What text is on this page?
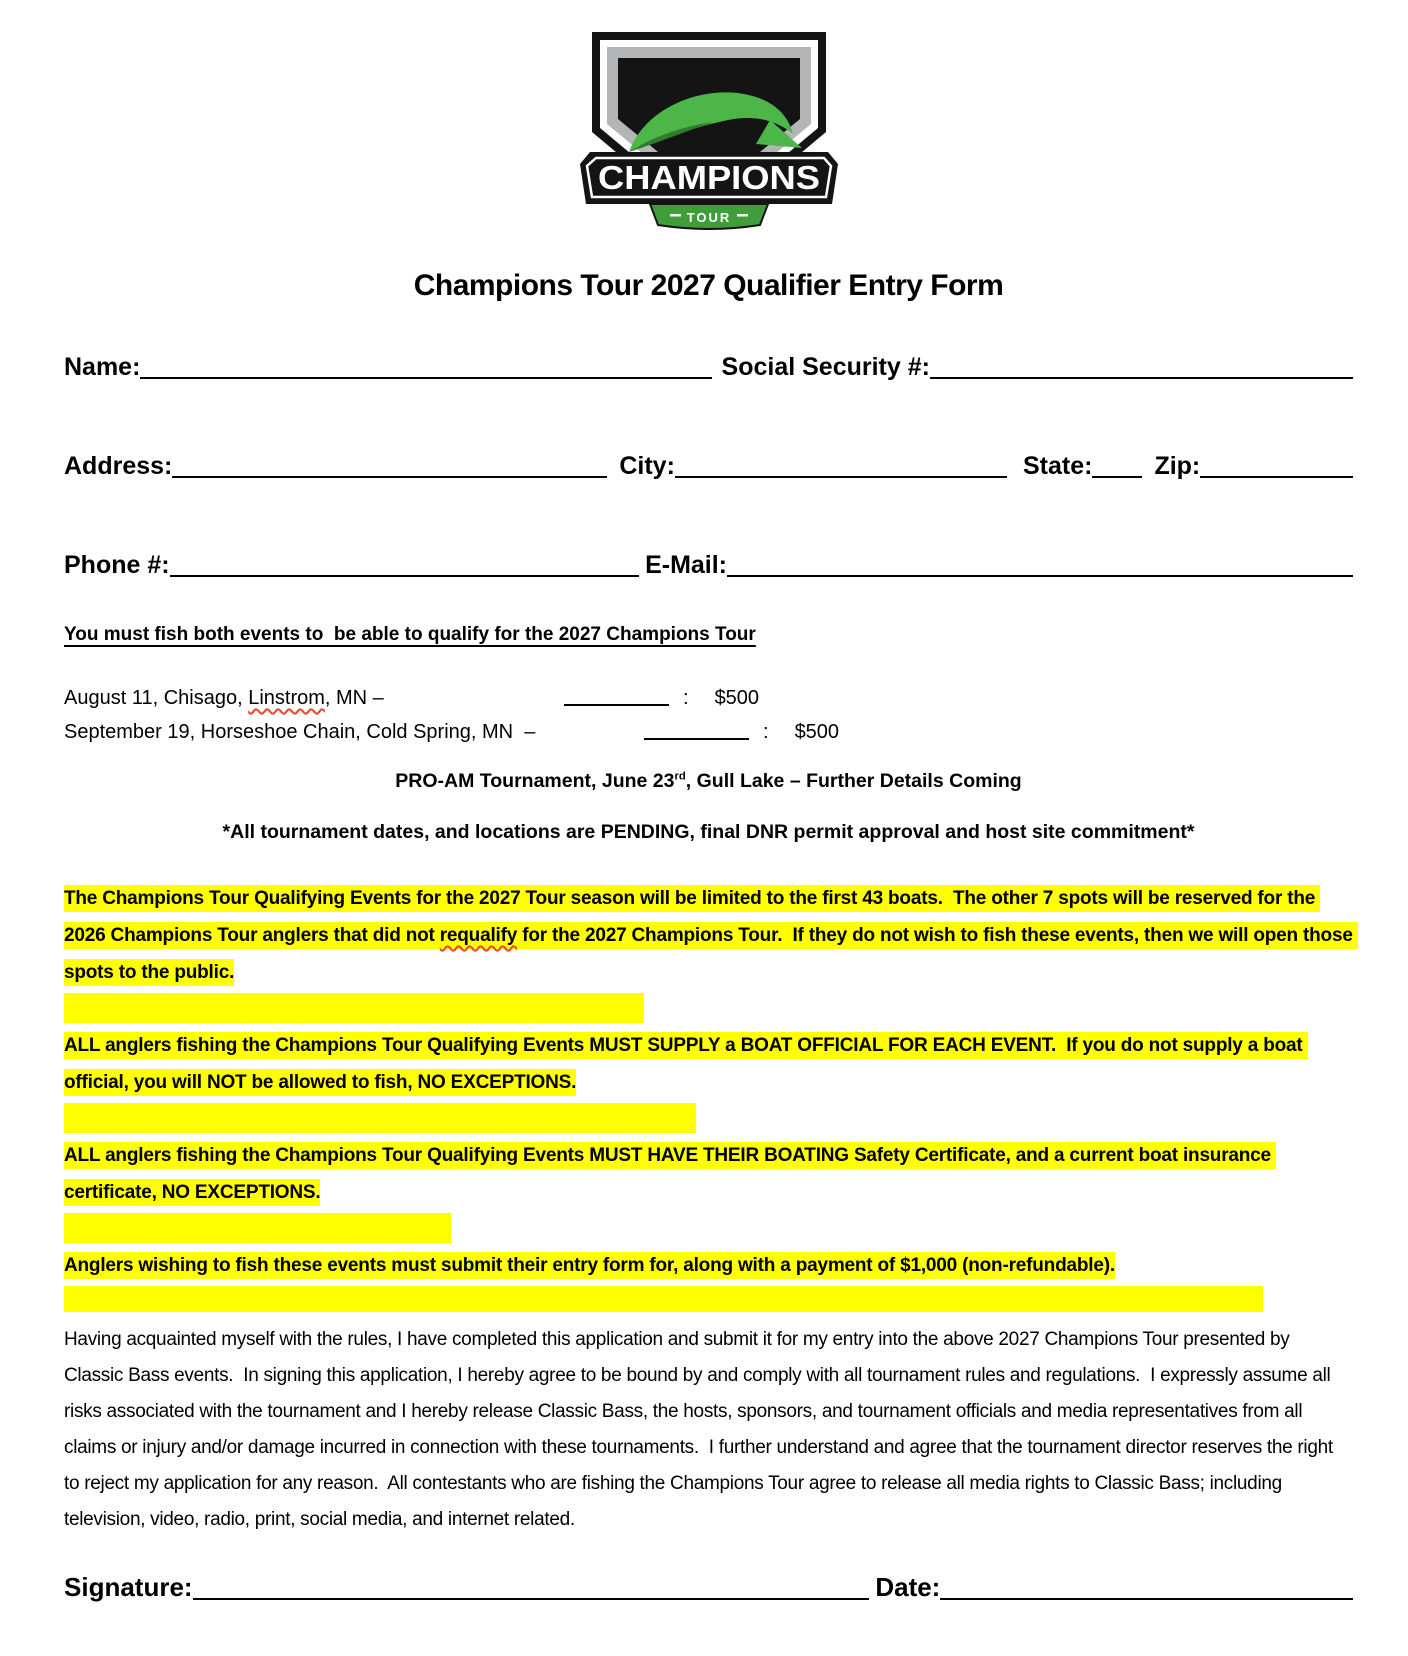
CHAMPIONS
TOUR
Champions Tour 2027 Qualifier Entry Form
Name:	Social Security #:
Address:	City:	State: Zip:
Phone #:	E-Mail:
You must fish both events to  be able to qualify for the 2027 Champions Tour
August 11, Chisago, Linstrom, MN –	: $500
September 19, Horseshoe Chain, Cold Spring, MN  –	: $500
PRO-AM Tournament, June 23rd, Gull Lake – Further Details Coming
*All tournament dates, and locations are PENDING, final DNR permit approval and host site commitment*

The Champions Tour Qualifying Events for the 2027 Tour season will be limited to the first 43 boats.  The other 7 spots will be reserved for the 2026 Champions Tour anglers that did not requalify for the 2027 Champions Tour.  If they do not wish to fish these events, then we will open those spots to the public.

ALL anglers fishing the Champions Tour Qualifying Events MUST SUPPLY a BOAT OFFICIAL FOR EACH EVENT.  If you do not supply a boat official, you will NOT be allowed to fish, NO EXCEPTIONS.

ALL anglers fishing the Champions Tour Qualifying Events MUST HAVE THEIR BOATING Safety Certificate, and a current boat insurance certificate, NO EXCEPTIONS.

Anglers wishing to fish these events must submit their entry form for, along with a payment of $1,000 (non-refundable).

Having acquainted myself with the rules, I have completed this application and submit it for my entry into the above 2027 Champions Tour presented by Classic Bass events.  In signing this application, I hereby agree to be bound by and comply with all tournament rules and regulations.  I expressly assume all risks associated with the tournament and I hereby release Classic Bass, the hosts, sponsors, and tournament officials and media representatives from all claims or injury and/or damage incurred in connection with these tournaments.  I further understand and agree that the tournament director reserves the right to reject my application for any reason.  All contestants who are fishing the Champions Tour agree to release all media rights to Classic Bass; including television, video, radio, print, social media, and internet related.

Signature:	Date:
